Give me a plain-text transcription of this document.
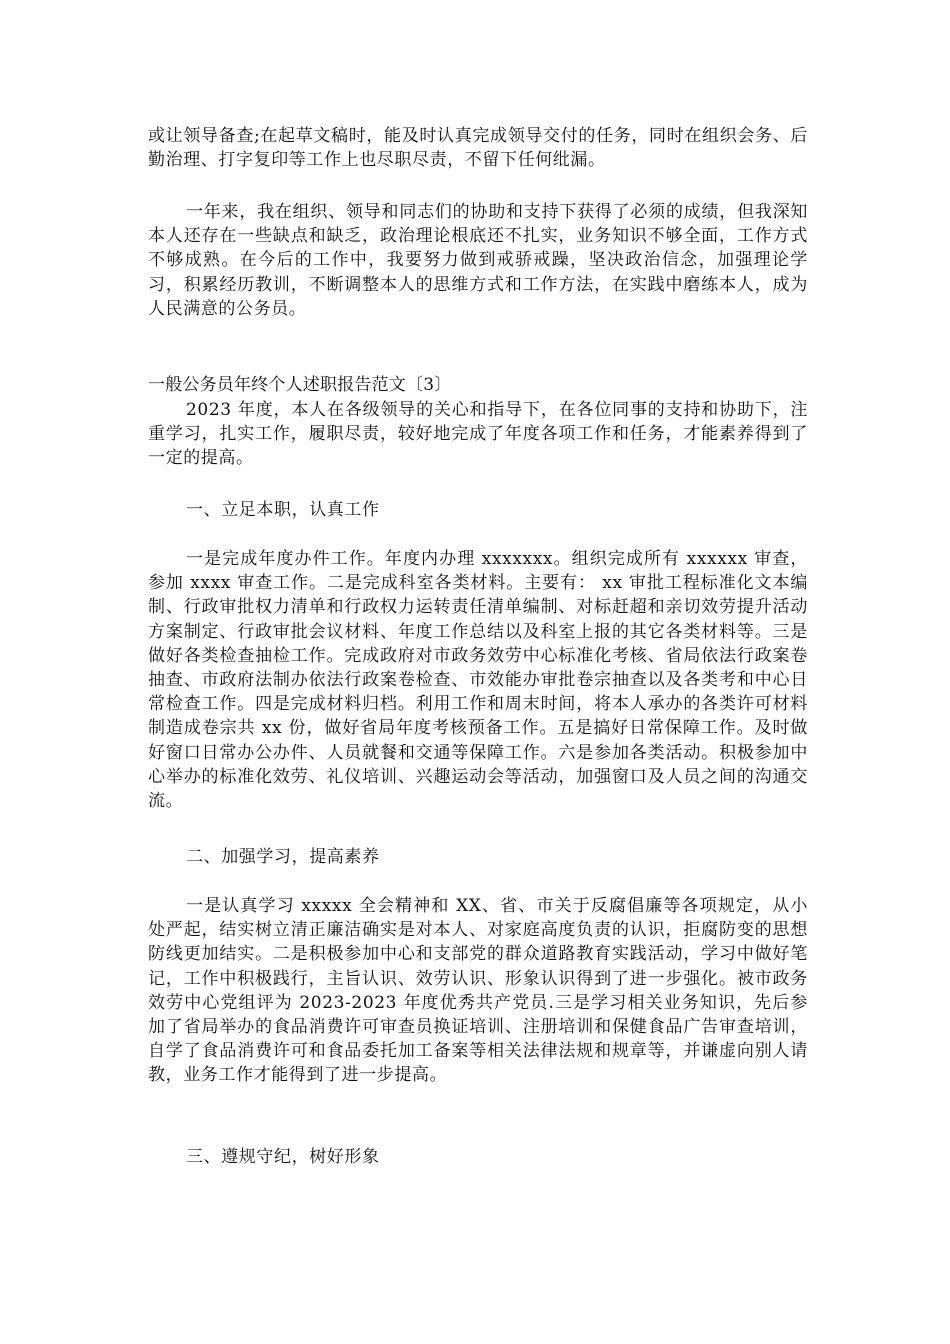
或让领导备查;在起草文稿时，能及时认真完成领导交付的任务，同时在组织会务、后勤治理、打字复印等工作上也尽职尽责，不留下任何纰漏。

一年来，我在组织、领导和同志们的协助和支持下获得了必须的成绩，但我深知本人还存在一些缺点和缺乏，政治理论根底还不扎实，业务知识不够全面，工作方式不够成熟。在今后的工作中，我要努力做到戒骄戒躁，坚决政治信念，加强理论学习，积累经历教训，不断调整本人的思维方式和工作方法，在实践中磨练本人，成为人民满意的公务员。

一般公务员年终个人述职报告范文〔3〕

2023 年度，本人在各级领导的关心和指导下，在各位同事的支持和协助下，注重学习，扎实工作，履职尽责，较好地完成了年度各项工作和任务，才能素养得到了一定的提高。

一、立足本职，认真工作

一是完成年度办件工作。年度内办理 xxxxxxx。组织完成所有 xxxxxx 审查，参加 xxxx 审查工作。二是完成科室各类材料。主要有： xx 审批工程标准化文本编制、行政审批权力清单和行政权力运转责任清单编制、对标赶超和亲切效劳提升活动方案制定、行政审批会议材料、年度工作总结以及科室上报的其它各类材料等。三是做好各类检查抽检工作。完成政府对市政务效劳中心标准化考核、省局依法行政案卷抽查、市政府法制办依法行政案卷检查、市效能办审批卷宗抽查以及各类考和中心日常检查工作。四是完成材料归档。利用工作和周末时间，将本人承办的各类许可材料制造成卷宗共 xx 份，做好省局年度考核预备工作。五是搞好日常保障工作。及时做好窗口日常办公办件、人员就餐和交通等保障工作。六是参加各类活动。积极参加中心举办的标准化效劳、礼仪培训、兴趣运动会等活动，加强窗口及人员之间的沟通交流。

二、加强学习，提高素养

一是认真学习 xxxxx 全会精神和 XX、省、市关于反腐倡廉等各项规定，从小处严起，结实树立清正廉洁确实是对本人、对家庭高度负责的认识，拒腐防变的思想防线更加结实。二是积极参加中心和支部党的群众道路教育实践活动，学习中做好笔记，工作中积极践行，主旨认识、效劳认识、形象认识得到了进一步强化。被市政务效劳中心党组评为 2023-2023 年度优秀共产党员.三是学习相关业务知识，先后参加了省局举办的食品消费许可审查员换证培训、注册培训和保健食品广告审查培训，自学了食品消费许可和食品委托加工备案等相关法律法规和规章等，并谦虚向别人请教，业务工作才能得到了进一步提高。

三、遵规守纪，树好形象
